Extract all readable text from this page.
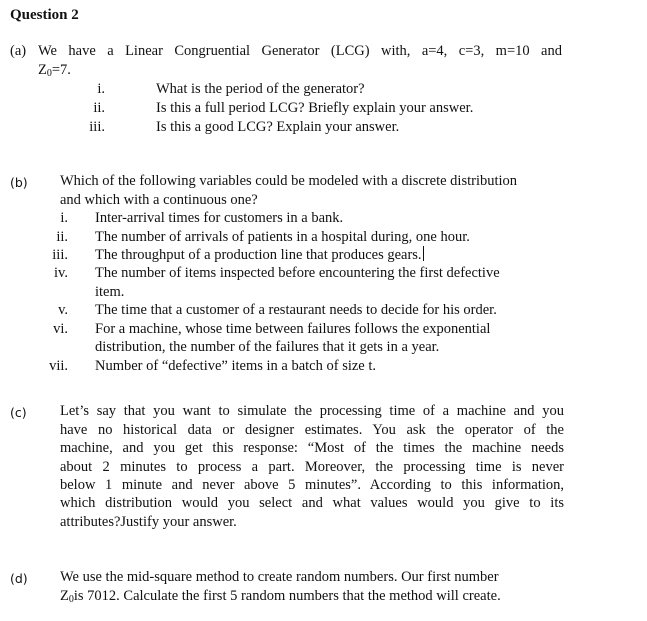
Question 2
(a) We have a Linear Congruential Generator (LCG) with, a=4, c=3, m=10 and
$Z_0=7$.
i.	What is the period of the generator?
ii.	Is this a full period LCG? Briefly explain your answer.
iii.	Is this a good LCG? Explain your answer.
(b) Which of the following variables could be modeled with a discrete distribution
and which with a continuous one?
i. Inter-arrival times for customers in a bank.
ii. The number of arrivals of patients in a hospital during, one hour.
iii. The throughput of a production line that produces gears.
iv. The number of items inspected before encountering the first defective
item.
v. The time that a customer of a restaurant needs to decide for his order.
vi. For a machine, whose time between failures follows the exponential
distribution, the number of the failures that it gets in a year.
vii. Number of “defective” items in a batch of size t.
(c) Let’s say that you want to simulate the processing time of a machine and you
have no historical data or designer estimates. You ask the operator of the
machine, and you get this response: “Most of the times the machine needs
about 2 minutes to process a part. Moreover, the processing time is never
below 1 minute and never above 5 minutes”. According to this information,
which distribution would you select and what values would you give to its
attributes?Justify your answer.
(d) We use the mid-square method to create random numbers. Our first number
$Z_0is$ 7012. Calculate the first 5 random numbers that the method will create.
